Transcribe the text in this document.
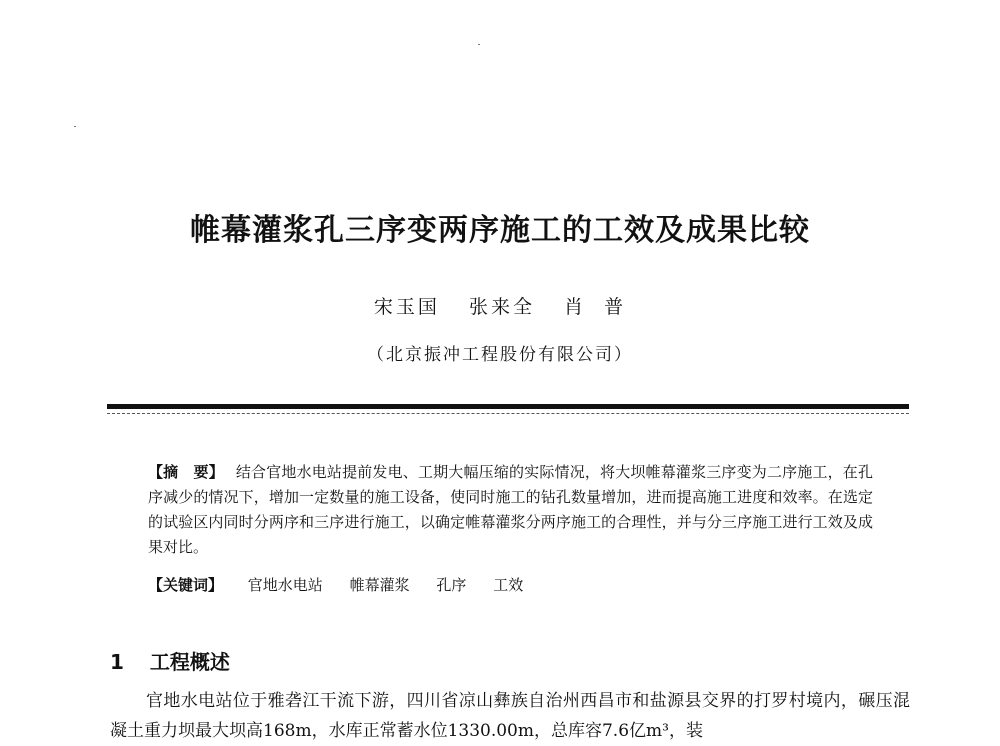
帷幕灌浆孔三序变两序施工的工效及成果比较
宋玉国 张来全 肖  普
（北京振冲工程股份有限公司）
【摘　要】 结合官地水电站提前发电、工期大幅压缩的实际情况，将大坝帷幕灌浆三序变为二序施工，在孔序减少的情况下，增加一定数量的施工设备，使同时施工的钻孔数量增加，进而提高施工进度和效率。在选定的试验区内同时分两序和三序进行施工，以确定帷幕灌浆分两序施工的合理性，并与分三序施工进行工效及成果对比。
【关键词】 官地水电站 帷幕灌浆 孔序 工效
1 工程概述
官地水电站位于雅砻江干流下游，四川省凉山彝族自治州西昌市和盐源县交界的打罗村境内，碾压混凝土重力坝最大坝高168m，水库正常蓄水位1330.00m，总库容7.6亿m³，装
